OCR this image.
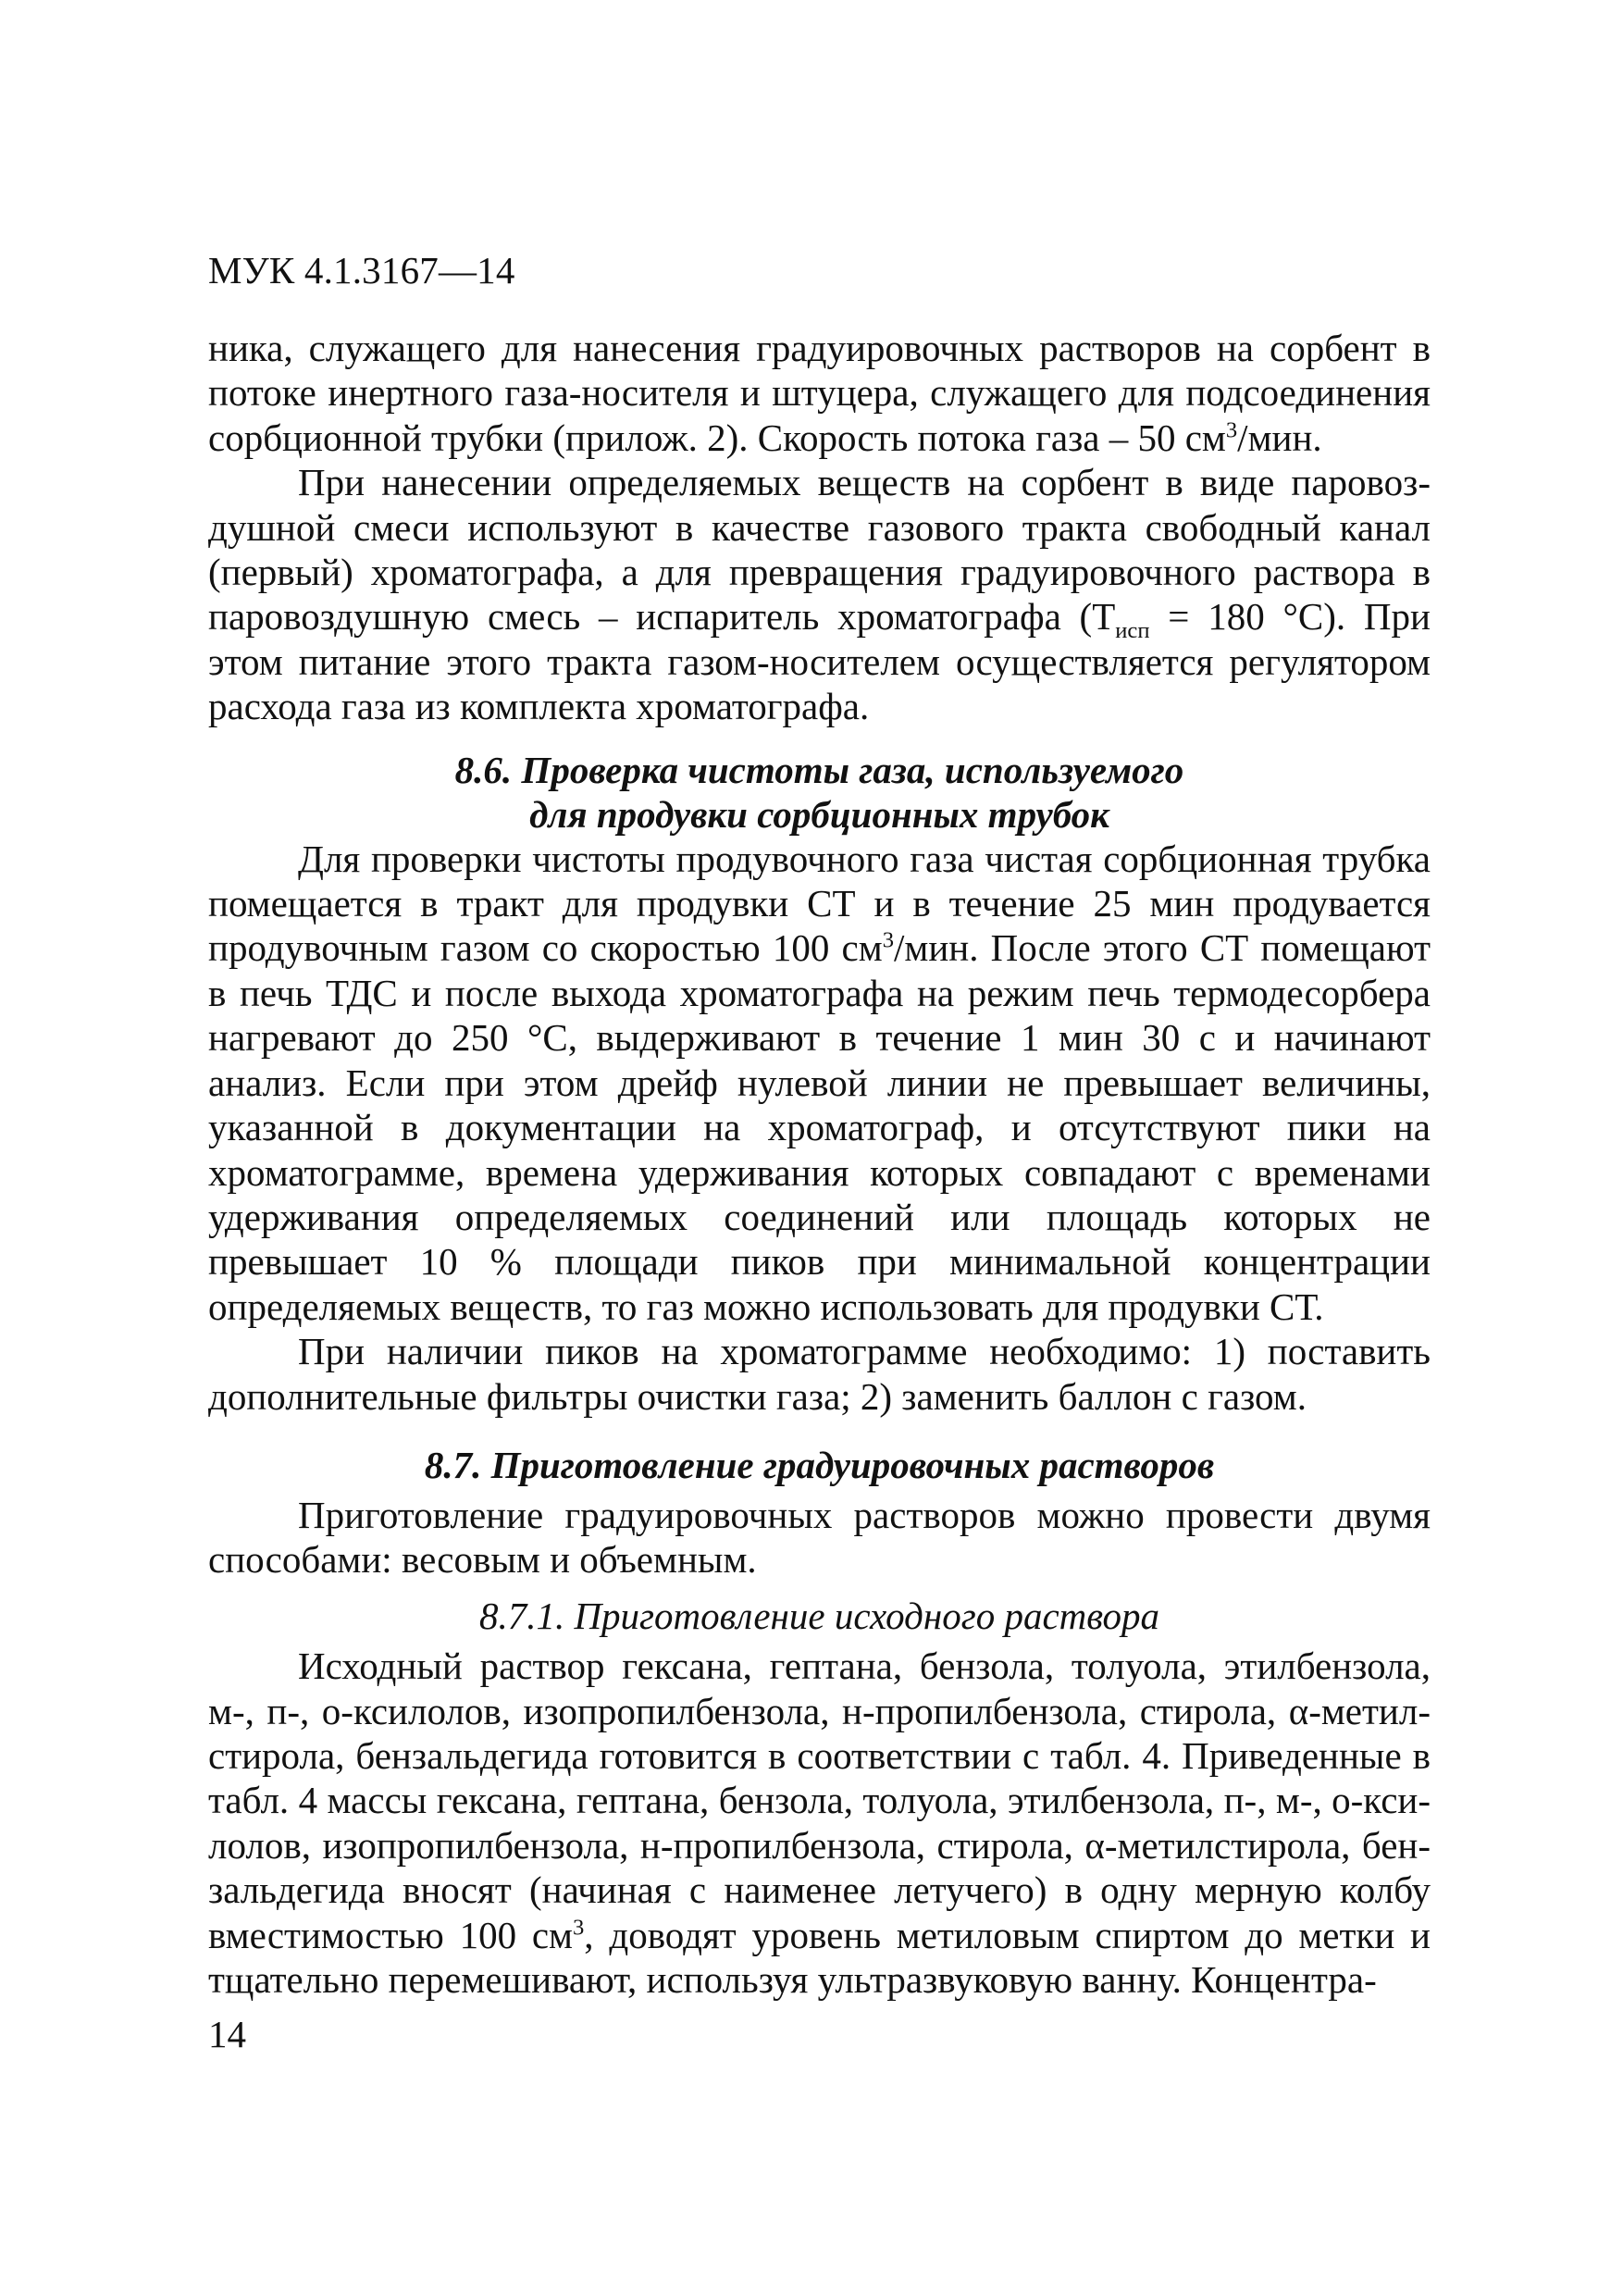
МУК 4.1.3167—14

ника, служащего для нанесения градуировочных растворов на сорбент в потоке инертного газа-носителя и штуцера, служащего для подсоединения сорбционной трубки (прилож. 2). Скорость потока газа – 50 $см^3$/мин.

При нанесении определяемых веществ на сорбент в виде паровоздушной смеси используют в качестве газового тракта свободный канал (первый) хроматографа, а для превращения градуировочного раствора в паровоздушную смесь – испаритель хроматографа ($Т_{исп} = 180$ °С). При этом питание этого тракта газом-носителем осуществляется регулятором расхода газа из комплекта хроматографа.

8.6. Проверка чистоты газа, используемого
для продувки сорбционных трубок

Для проверки чистоты продувочного газа чистая сорбционная трубка помещается в тракт для продувки СТ и в течение 25 мин продувается продувочным газом со скоростью 100 $см^3$/мин. После этого СТ помещают в печь ТДС и после выхода хроматографа на режим печь термодесорбера нагревают до 250 °С, выдерживают в течение 1 мин 30 с и начинают анализ. Если при этом дрейф нулевой линии не превышает величины, указанной в документации на хроматограф, и отсутствуют пики на хроматограмме, времена удерживания которых совпадают с временами удерживания определяемых соединений или площадь которых не превышает 10 % площади пиков при минимальной концентрации определяемых веществ, то газ можно использовать для продувки СТ.

При наличии пиков на хроматограмме необходимо: 1) поставить дополнительные фильтры очистки газа; 2) заменить баллон с газом.

8.7. Приготовление градуировочных растворов

Приготовление градуировочных растворов можно провести двумя способами: весовым и объемным.

8.7.1. Приготовление исходного раствора

Исходный раствор гексана, гептана, бензола, толуола, этилбензола, м-, п-, о-ксилолов, изопропилбензола, н-пропилбензола, стирола, α-метилстирола, бензальдегида готовится в соответствии с табл. 4. Приведенные в табл. 4 массы гексана, гептана, бензола, толуола, этилбензола, п-, м-, о-ксилолов, изопропилбензола, н-пропилбензола, стирола, α-метилстирола, бензальдегида вносят (начиная с наименее летучего) в одну мерную колбу вместимостью 100 $см^3$, доводят уровень метиловым спиртом до метки и тщательно перемешивают, используя ультразвуковую ванну. Концентра-

14
